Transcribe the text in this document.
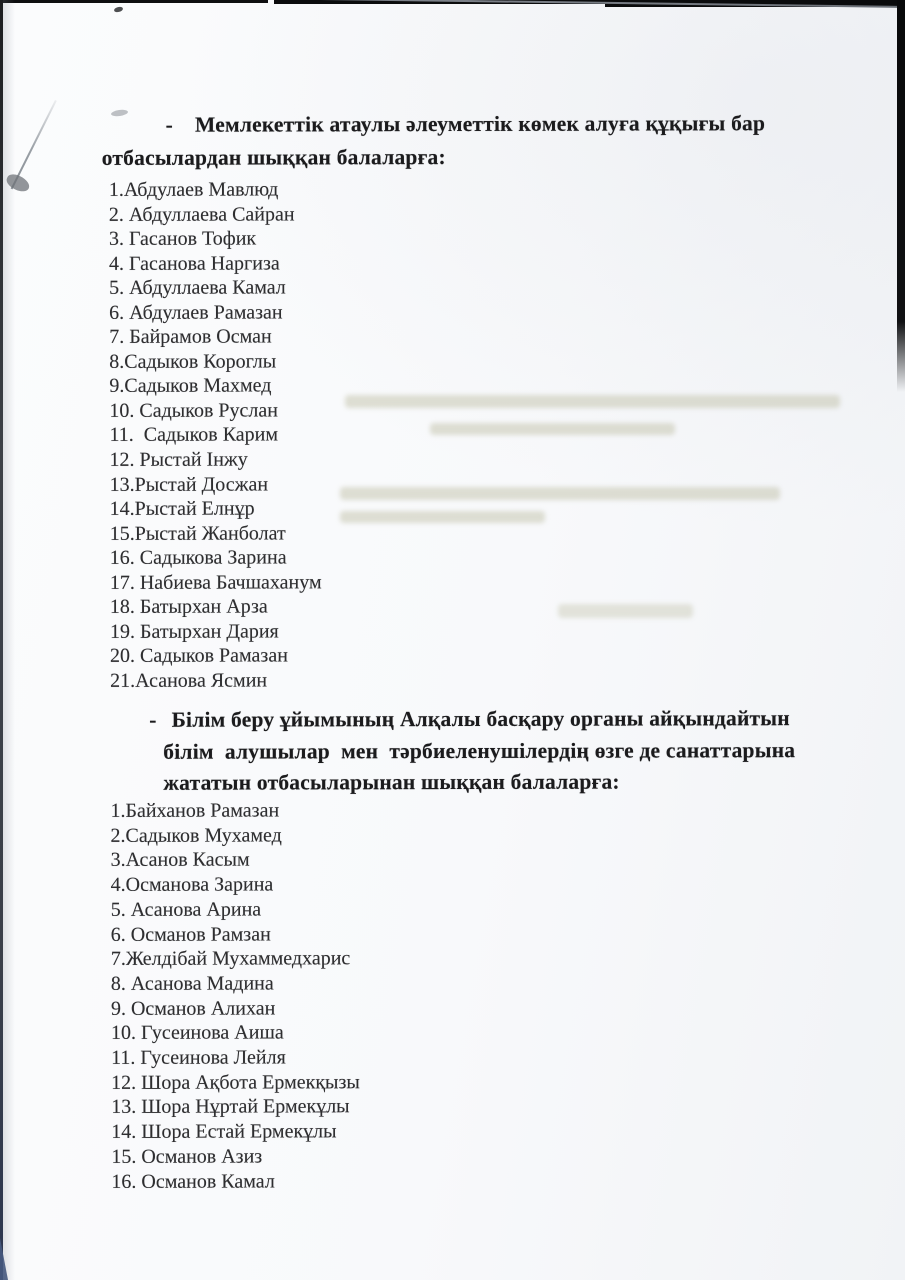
- Мемлекеттік атаулы әлеуметтік көмек алуға құқығы бар
отбасылардан шыққан балаларға:
1.Абдулаев Мавлюд
2. Абдуллаева Сайран
3. Гасанов Тофик
4. Гасанова Наргиза
5. Абдуллаева Камал
6. Абдулаев Рамазан
7. Байрамов Осман
8.Садыков Короглы
9.Садыков Махмед
10. Садыков Руслан
11.  Садыков Карим
12. Рыстай Інжу
13.Рыстай Досжан
14.Рыстай Елнұр
15.Рыстай Жанболат
16. Садыкова Зарина
17. Набиева Бачшаханум
18. Батырхан Арза
19. Батырхан Дария
20. Садыков Рамазан
21.Асанова Ясмин
- Білім беру ұйымының Алқалы басқару органы айқындайтын
білім  алушылар  мен  тәрбиеленушілердің өзге де санаттарына
жататын отбасыларынан шыққан балаларға:
1.Байханов Рамазан
2.Садыков Мухамед
3.Асанов Касым
4.Османова Зарина
5. Асанова Арина
6. Османов Рамзан
7.Желдібай Мухаммедхарис
8. Асанова Мадина
9. Османов Алихан
10. Гусеинова Аиша
11. Гусеинова Лейля
12. Шора Ақбота Ермекқызы
13. Шора Нұртай Ермекұлы
14. Шора Естай Ермекұлы
15. Османов Азиз
16. Османов Камал
